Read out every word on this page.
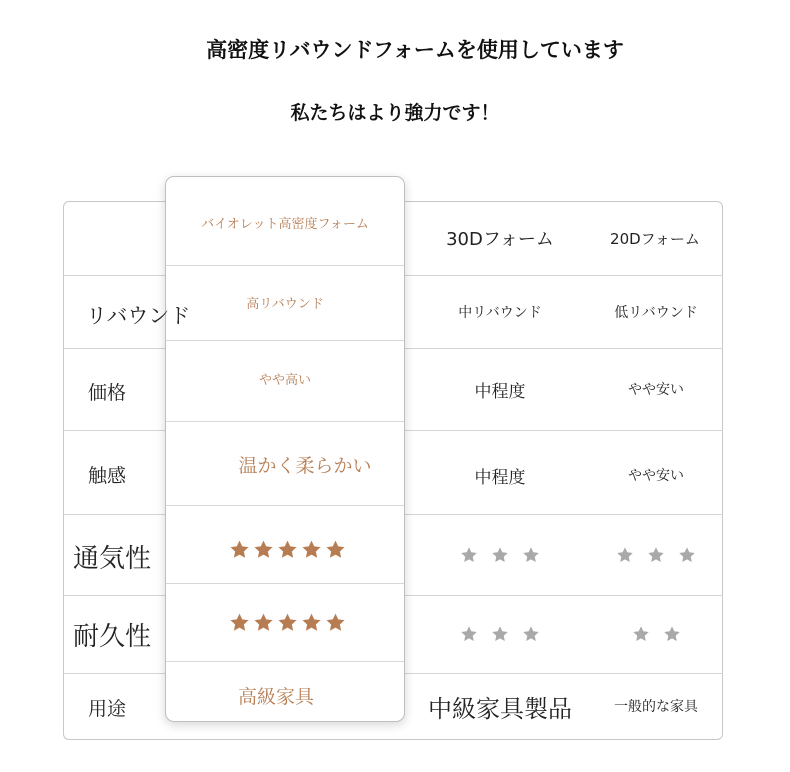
高密度リバウンドフォームを使用しています
私たちはより強力です！
30Dフォーム	20Dフォーム
リバウンド
価格
触感
通気性
耐久性
用途
中リバウンド
中程度
中程度
中級家具製品
低リバウンド
やや安い
やや安い
一般的な家具
バイオレット高密度フォーム
高リバウンド
やや高い
温かく柔らかい
高級家具
